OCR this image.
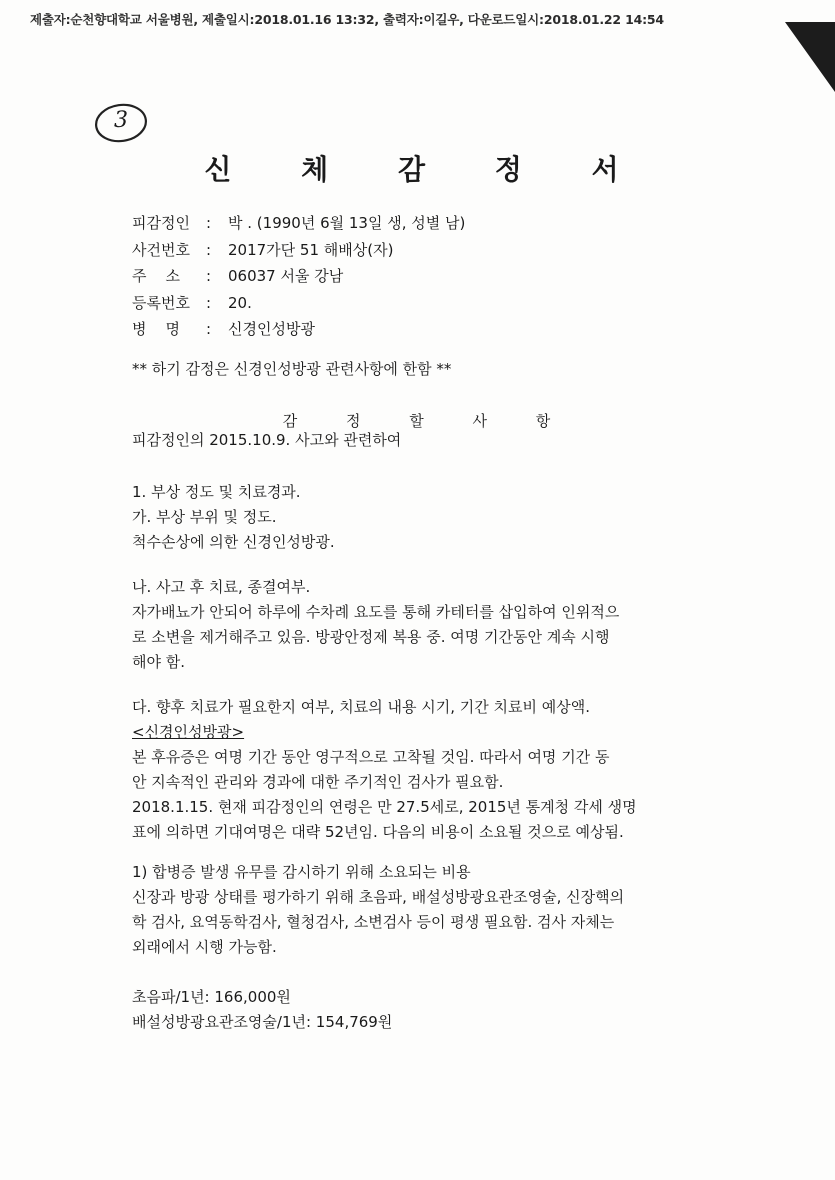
제출자:순천향대학교 서울병원, 제출일시:2018.01.16 13:32, 출력자:이길우, 다운로드일시:2018.01.22 14:54
3
신 체 감 정 서
피감정인	:	박 . (1990년 6월 13일 생, 성별 남)
사건번호	:	2017가단 51 해배상(자)
주    소	:	06037 서울 강남
등록번호	:	20.
병    명	:	신경인성방광
** 하기 감정은 신경인성방광 관련사항에 한함 **
감 정 할 사 항
피감정인의 2015.10.9. 사고와 관련하여
1. 부상 정도 및 치료경과.
가. 부상 부위 및 정도.
척수손상에 의한 신경인성방광.
나. 사고 후 치료, 종결여부.
자가배뇨가 안되어 하루에 수차례 요도를 통해 카테터를 삽입하여 인위적으
로 소변을 제거해주고 있음. 방광안정제 복용 중. 여명 기간동안 계속 시행
해야 함.
다. 향후 치료가 필요한지 여부, 치료의 내용 시기, 기간 치료비 예상액.
<신경인성방광>
본 후유증은 여명 기간 동안 영구적으로 고착될 것임. 따라서 여명 기간 동
안 지속적인 관리와 경과에 대한 주기적인 검사가 필요함.
2018.1.15. 현재 피감정인의 연령은 만 27.5세로, 2015년 통계청 각세 생명
표에 의하면 기대여명은 대략 52년임. 다음의 비용이 소요될 것으로 예상됨.
1) 합병증 발생 유무를 감시하기 위해 소요되는 비용
신장과 방광 상태를 평가하기 위해 초음파, 배설성방광요관조영술, 신장핵의
학 검사, 요역동학검사, 혈청검사, 소변검사 등이 평생 필요함. 검사 자체는
외래에서 시행 가능함.
초음파/1년: 166,000원
배설성방광요관조영술/1년: 154,769원
